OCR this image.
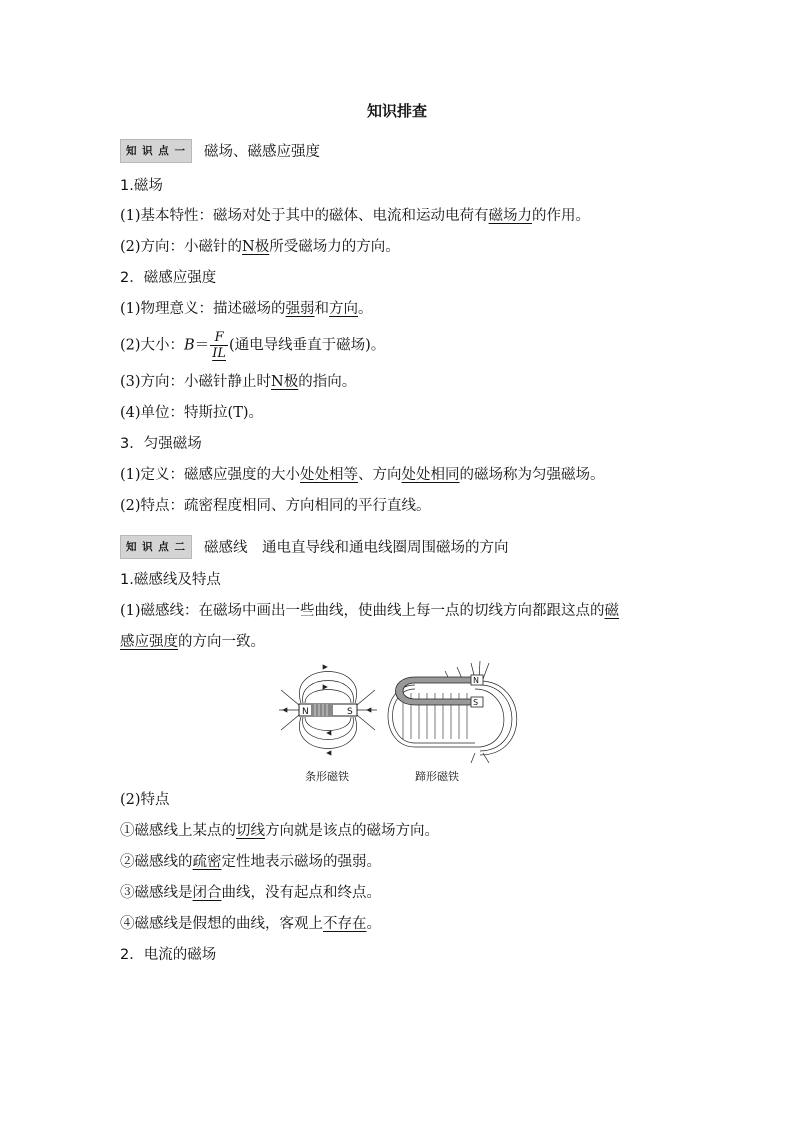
知识排查
知 识 点 一 磁场、磁感应强度
1.磁场
(1)基本特性：磁场对处于其中的磁体、电流和运动电荷有磁场力的作用。
(2)方向：小磁针的N极所受磁场力的方向。
2．磁感应强度
(1)物理意义：描述磁场的强弱和方向。
(2)大小：$B= \frac{F}{IL}$ (通电导线垂直于磁场)。
(3)方向：小磁针静止时N极的指向。
(4)单位：特斯拉(T)。
3．匀强磁场
(1)定义：磁感应强度的大小处处相等、方向处处相同的磁场称为匀强磁场。
(2)特点：疏密程度相同、方向相同的平行直线。
知 识 点 二 磁感线　通电直导线和通电线圈周围磁场的方向
1.磁感线及特点
(1)磁感线：在磁场中画出一些曲线，使曲线上每一点的切线方向都跟这点的磁
感应强度的方向一致。
N	S
N
S
条形磁铁	蹄形磁铁
(2)特点
①磁感线上某点的切线方向就是该点的磁场方向。
②磁感线的疏密定性地表示磁场的强弱。
③磁感线是闭合曲线，没有起点和终点。
④磁感线是假想的曲线，客观上不存在。
2．电流的磁场
